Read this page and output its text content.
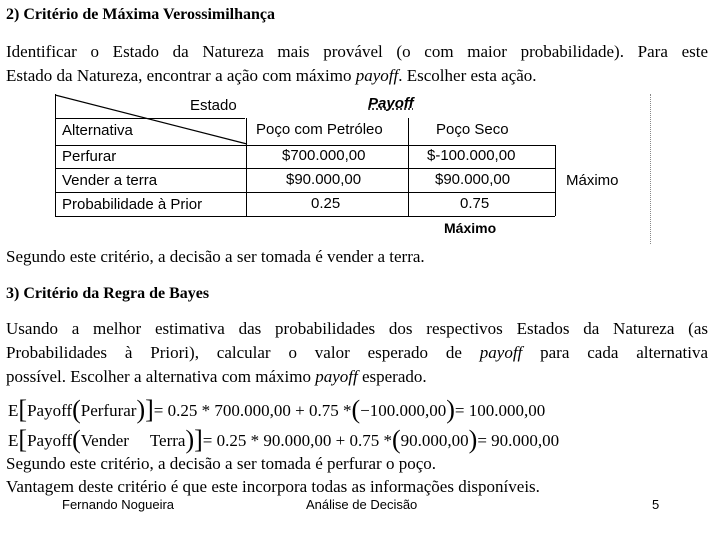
2) Critério de Máxima Verossimilhança
Identificar o Estado da Natureza mais provável (o com maior probabilidade). Para este
Estado da Natureza, encontrar a ação com máximo payoff. Escolher esta ação.
Estado	Payoff
Alternativa	Poço com Petróleo	Poço Seco
Perfurar	$700.000,00	$-100.000,00
Vender a terra	$90.000,00	$90.000,00	Máximo
Probabilidade à Prior	0.25	0.75
Máximo
Segundo este critério, a decisão a ser tomada é vender a terra.
3) Critério da Regra de Bayes
Usando a melhor estimativa das probabilidades dos respectivos Estados da Natureza (as
Probabilidades à Priori), calcular o valor esperado de payoff para cada alternativa
possível. Escolher a alternativa com máximo payoff esperado.
E[Payoff(Perfurar)]= 0.25 * 700.000,00 + 0.75 *(−100.000,00)= 100.000,00
E[Payoff(Vender     Terra)]= 0.25 * 90.000,00 + 0.75 *(90.000,00)= 90.000,00
Segundo este critério, a decisão a ser tomada é perfurar o poço.
Vantagem deste critério é que este incorpora todas as informações disponíveis.
Fernando Nogueira	Análise de Decisão	5
